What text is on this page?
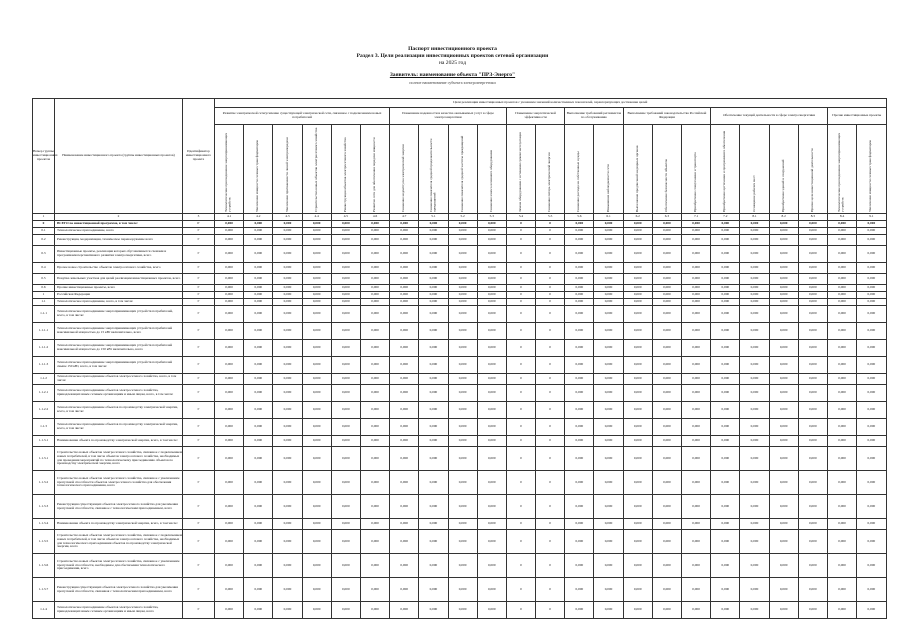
Паспорт инвестиционного проекта
Раздел 3. Цели реализации инвестиционных проектов сетевой организации
на 2025 год
Заявитель: наименование объекта "ПРЗ-Энерго"
полное наименование субъекта электроэнергетики
Номер группы инвестиционных проектов	Наименование инвестиционного проекта (группы инвестиционных проектов)	Идентификатор инвестиционного проекта	Цели реализации инвестиционных проектов с указанием значений количественных показателей, характеризующих достижение целей																						
			Развитие электрической сети/усиление существующей электрической сети, связанное с подключением новых потребителей						Повышение надежности и качества оказываемых услуг в сфере электроэнергетики				Повышение энергетической эффективности		Выполнение требований регламентов по обслуживанию		Выполнение требований законодательства Российской Федерации			Обеспечение текущей деятельности в сфере электроэнергетики				Прочие инвестиционные проекты	

			Технологическое присоединение энергопринимающих устройств	Увеличение мощности силовых трансформаторов	Увеличение протяженности линий электропередачи	Строительство новых объектов электросетевого хозяйства	Реконструкция объектов электросетевого хозяйства	Развитие сети для обеспечения передачи мощности	Снижение недоотпуска электрической энергии	Снижение показателя средней продолжительности прекращений	Снижение показателя средней частоты прекращений	Снижение износа основного оборудования	Замена оборудования с истекшим сроком эксплуатации	Снижение потерь электрической энергии	Снижение расхода на собственные нужды	Повышение наблюдаемости сети	Выполнение предписаний надзорных органов	Обеспечение безопасности объектов	Приобретение спецтехники и транспорта	Приобретение оргтехники и программного обеспечения	Оснащение рабочих мест	Приобретение зданий и сооружений	Прочие цели инвестиционной деятельности	Технологическое присоединение энергопринимающих устройств	Увеличение мощности силовых трансформаторов

1	2	3	4.1	4.2	4.3	4.4	4.5	4.6	4.7	5.1	5.2	5.3	5.4	5.5	5.6	6.1	6.2	6.3	7.1	7.2	8.1	8.2	8.3	8.4	9.1
0	ВСЕГО по инвестиционной программе, в том числе:	Г	0,000	0,000	0,000	0,000	0,000	0,000	0,000	0,000	0,000	0,000	0	0	0,000	0,000	0,000	0,000	0,000	0,000	0,000	0,000	0,000	0,000	0,000
0.1	Технологическое присоединение, всего	Г	0,000	0,000	0,000	0,000	0,000	0,000	0,000	0,000	0,000	0,000	0	0	0,000	0,000	0,000	0,000	0,000	0,000	0,000	0,000	0,000	0,000	0,000
0.2	Реконструкция, модернизация, техническое перевооружение всего	Г	0,000	0,000	0,000	0,000	0,000	0,000	0,000	0,000	0,000	0,000	0	0	0,000	0,000	0,000	0,000	0,000	0,000	0,000	0,000	0,000	0,000	0,000
0.3	Инвестиционные проекты, реализация которых обуславливается схемами и программами перспективного развития электроэнергетики, всего	Г	0,000	0,000	0,000	0,000	0,000	0,000	0,000	0,000	0,000	0,000	0	0	0,000	0,000	0,000	0,000	0,000	0,000	0,000	0,000	0,000	0,000	0,000
0.4	Прочее новое строительство объектов электросетевого хозяйства, всего	Г	0,000	0,000	0,000	0,000	0,000	0,000	0,000	0,000	0,000	0,000	0	0	0,000	0,000	0,000	0,000	0,000	0,000	0,000	0,000	0,000	0,000	0,000
0.5	Покупка земельных участков для целей реализации инвестиционных проектов, всего	Г	0,000	0,000	0,000	0,000	0,000	0,000	0,000	0,000	0,000	0,000	0	0	0,000	0,000	0,000	0,000	0,000	0,000	0,000	0,000	0,000	0,000	0,000
0.6	Прочие инвестиционные проекты, всего	Г	0,000	0,000	0,000	0,000	0,000	0,000	0,000	0,000	0,000	0,000	0	0	0,000	0,000	0,000	0,000	0,000	0,000	0,000	0,000	0,000	0,000	0,000
1	Российская Федерация	Г	0,000	0,000	0,000	0,000	0,000	0,000	0,000	0,000	0,000	0,000	0	0	0,000	0,000	0,000	0,000	0,000	0,000	0,000	0,000	0,000	0,000	0,000
1.1	Технологическое присоединение, всего, в том числе:	Г	0,000	0,000	0,000	0,000	0,000	0,000	0,000	0,000	0,000	0,000	0	0	0,000	0,000	0,000	0,000	0,000	0,000	0,000	0,000	0,000	0,000	0,000
1.1.1	Технологическое присоединение энергопринимающих устройств потребителей, всего, в том числе:	Г	0,000	0,000	0,000	0,000	0,000	0,000	0,000	0,000	0,000	0,000	0	0	0,000	0,000	0,000	0,000	0,000	0,000	0,000	0,000	0,000	0,000	0,000
1.1.1.1	Технологическое присоединение энергопринимающих устройств потребителей максимальной мощностью до 15 кВт включительно, всего	Г	0,000	0,000	0,000	0,000	0,000	0,000	0,000	0,000	0,000	0,000	0	0	0,000	0,000	0,000	0,000	0,000	0,000	0,000	0,000	0,000	0,000	0,000
1.1.1.2	Технологическое присоединение энергопринимающих устройств потребителей максимальной мощностью до 150 кВт включительно, всего	Г	0,000	0,000	0,000	0,000	0,000	0,000	0,000	0,000	0,000	0,000	0	0	0,000	0,000	0,000	0,000	0,000	0,000	0,000	0,000	0,000	0,000	0,000
1.1.1.3	Технологическое присоединение энергопринимающих устройств потребителей свыше 150 кВт, всего, в том числе:	Г	0,000	0,000	0,000	0,000	0,000	0,000	0,000	0,000	0,000	0,000	0	0	0,000	0,000	0,000	0,000	0,000	0,000	0,000	0,000	0,000	0,000	0,000
1.1.2	Технологическое присоединение объектов электросетевого хозяйства, всего, в том числе:	Г	0,000	0,000	0,000	0,000	0,000	0,000	0,000	0,000	0,000	0,000	0	0	0,000	0,000	0,000	0,000	0,000	0,000	0,000	0,000	0,000	0,000	0,000
1.1.2.1	Технологическое присоединение объектов электросетевого хозяйства, принадлежащих иным сетевым организациям и иным лицам, всего, в том числе:	Г	0,000	0,000	0,000	0,000	0,000	0,000	0,000	0,000	0,000	0,000	0	0	0,000	0,000	0,000	0,000	0,000	0,000	0,000	0,000	0,000	0,000	0,000
1.1.2.2	Технологическое присоединение объектов по производству электрической энергии, всего, в том числе:	Г	0,000	0,000	0,000	0,000	0,000	0,000	0,000	0,000	0,000	0,000	0	0	0,000	0,000	0,000	0,000	0,000	0,000	0,000	0,000	0,000	0,000	0,000
1.1.3	Технологическое присоединение объектов по производству электрической энергии, всего, в том числе:	Г	0,000	0,000	0,000	0,000	0,000	0,000	0,000	0,000	0,000	0,000	0	0	0,000	0,000	0,000	0,000	0,000	0,000	0,000	0,000	0,000	0,000	0,000
1.1.3.1	Наименование объекта по производству электрической энергии, всего, в том числе:	Г	0,000	0,000	0,000	0,000	0,000	0,000	0,000	0,000	0,000	0,000	0	0	0,000	0,000	0,000	0,000	0,000	0,000	0,000	0,000	0,000	0,000	0,000
1.1.3.1	Строительство новых объектов электросетевого хозяйства, связанное с подключением новых потребителей, в том числе объектов электросетевого хозяйства, необходимых для проведения мероприятий по технологическому присоединению объектов по производству электрической энергии, всего	Г	0,000	0,000	0,000	0,000	0,000	0,000	0,000	0,000	0,000	0,000	0	0	0,000	0,000	0,000	0,000	0,000	0,000	0,000	0,000	0,000	0,000	0,000
1.1.3.2	Строительство новых объектов электросетевого хозяйства, связанное с увеличением пропускной способности объектов электросетевого хозяйства для обеспечения технологического присоединения, всего	Г	0,000	0,000	0,000	0,000	0,000	0,000	0,000	0,000	0,000	0,000	0	0	0,000	0,000	0,000	0,000	0,000	0,000	0,000	0,000	0,000	0,000	0,000
1.1.3.3	Реконструкция существующих объектов электросетевого хозяйства для увеличения пропускной способности, связанное с технологическим присоединением, всего	Г	0,000	0,000	0,000	0,000	0,000	0,000	0,000	0,000	0,000	0,000	0	0	0,000	0,000	0,000	0,000	0,000	0,000	0,000	0,000	0,000	0,000	0,000
1.1.3.4	Наименование объекта по производству электрической энергии, всего, в том числе:	Г	0,000	0,000	0,000	0,000	0,000	0,000	0,000	0,000	0,000	0,000	0	0	0,000	0,000	0,000	0,000	0,000	0,000	0,000	0,000	0,000	0,000	0,000
1.1.3.5	Строительство новых объектов электросетевого хозяйства, связанное с подключением новых потребителей, в том числе объектов электросетевого хозяйства, необходимых для технологического присоединения объектов по производству электрической энергии, всего	Г	0,000	0,000	0,000	0,000	0,000	0,000	0,000	0,000	0,000	0,000	0	0	0,000	0,000	0,000	0,000	0,000	0,000	0,000	0,000	0,000	0,000	0,000
1.1.3.6	Строительство новых объектов электросетевого хозяйства, связанное с увеличением пропускной способности, необходимое для обеспечения технологического присоединения, всего	Г	0,000	0,000	0,000	0,000	0,000	0,000	0,000	0,000	0,000	0,000	0	0	0,000	0,000	0,000	0,000	0,000	0,000	0,000	0,000	0,000	0,000	0,000
1.1.3.7	Реконструкция существующих объектов электросетевого хозяйства для увеличения пропускной способности, связанная с технологическим присоединением, всего	Г	0,000	0,000	0,000	0,000	0,000	0,000	0,000	0,000	0,000	0,000	0	0	0,000	0,000	0,000	0,000	0,000	0,000	0,000	0,000	0,000	0,000	0,000
1.1.4	Технологическое присоединение объектов электросетевого хозяйства, принадлежащих иным сетевым организациям и иным лицам, всего	Г	0,000	0,000	0,000	0,000	0,000	0,000	0,000	0,000	0,000	0,000	0	0	0,000	0,000	0,000	0,000	0,000	0,000	0,000	0,000	0,000	0,000	0,000
